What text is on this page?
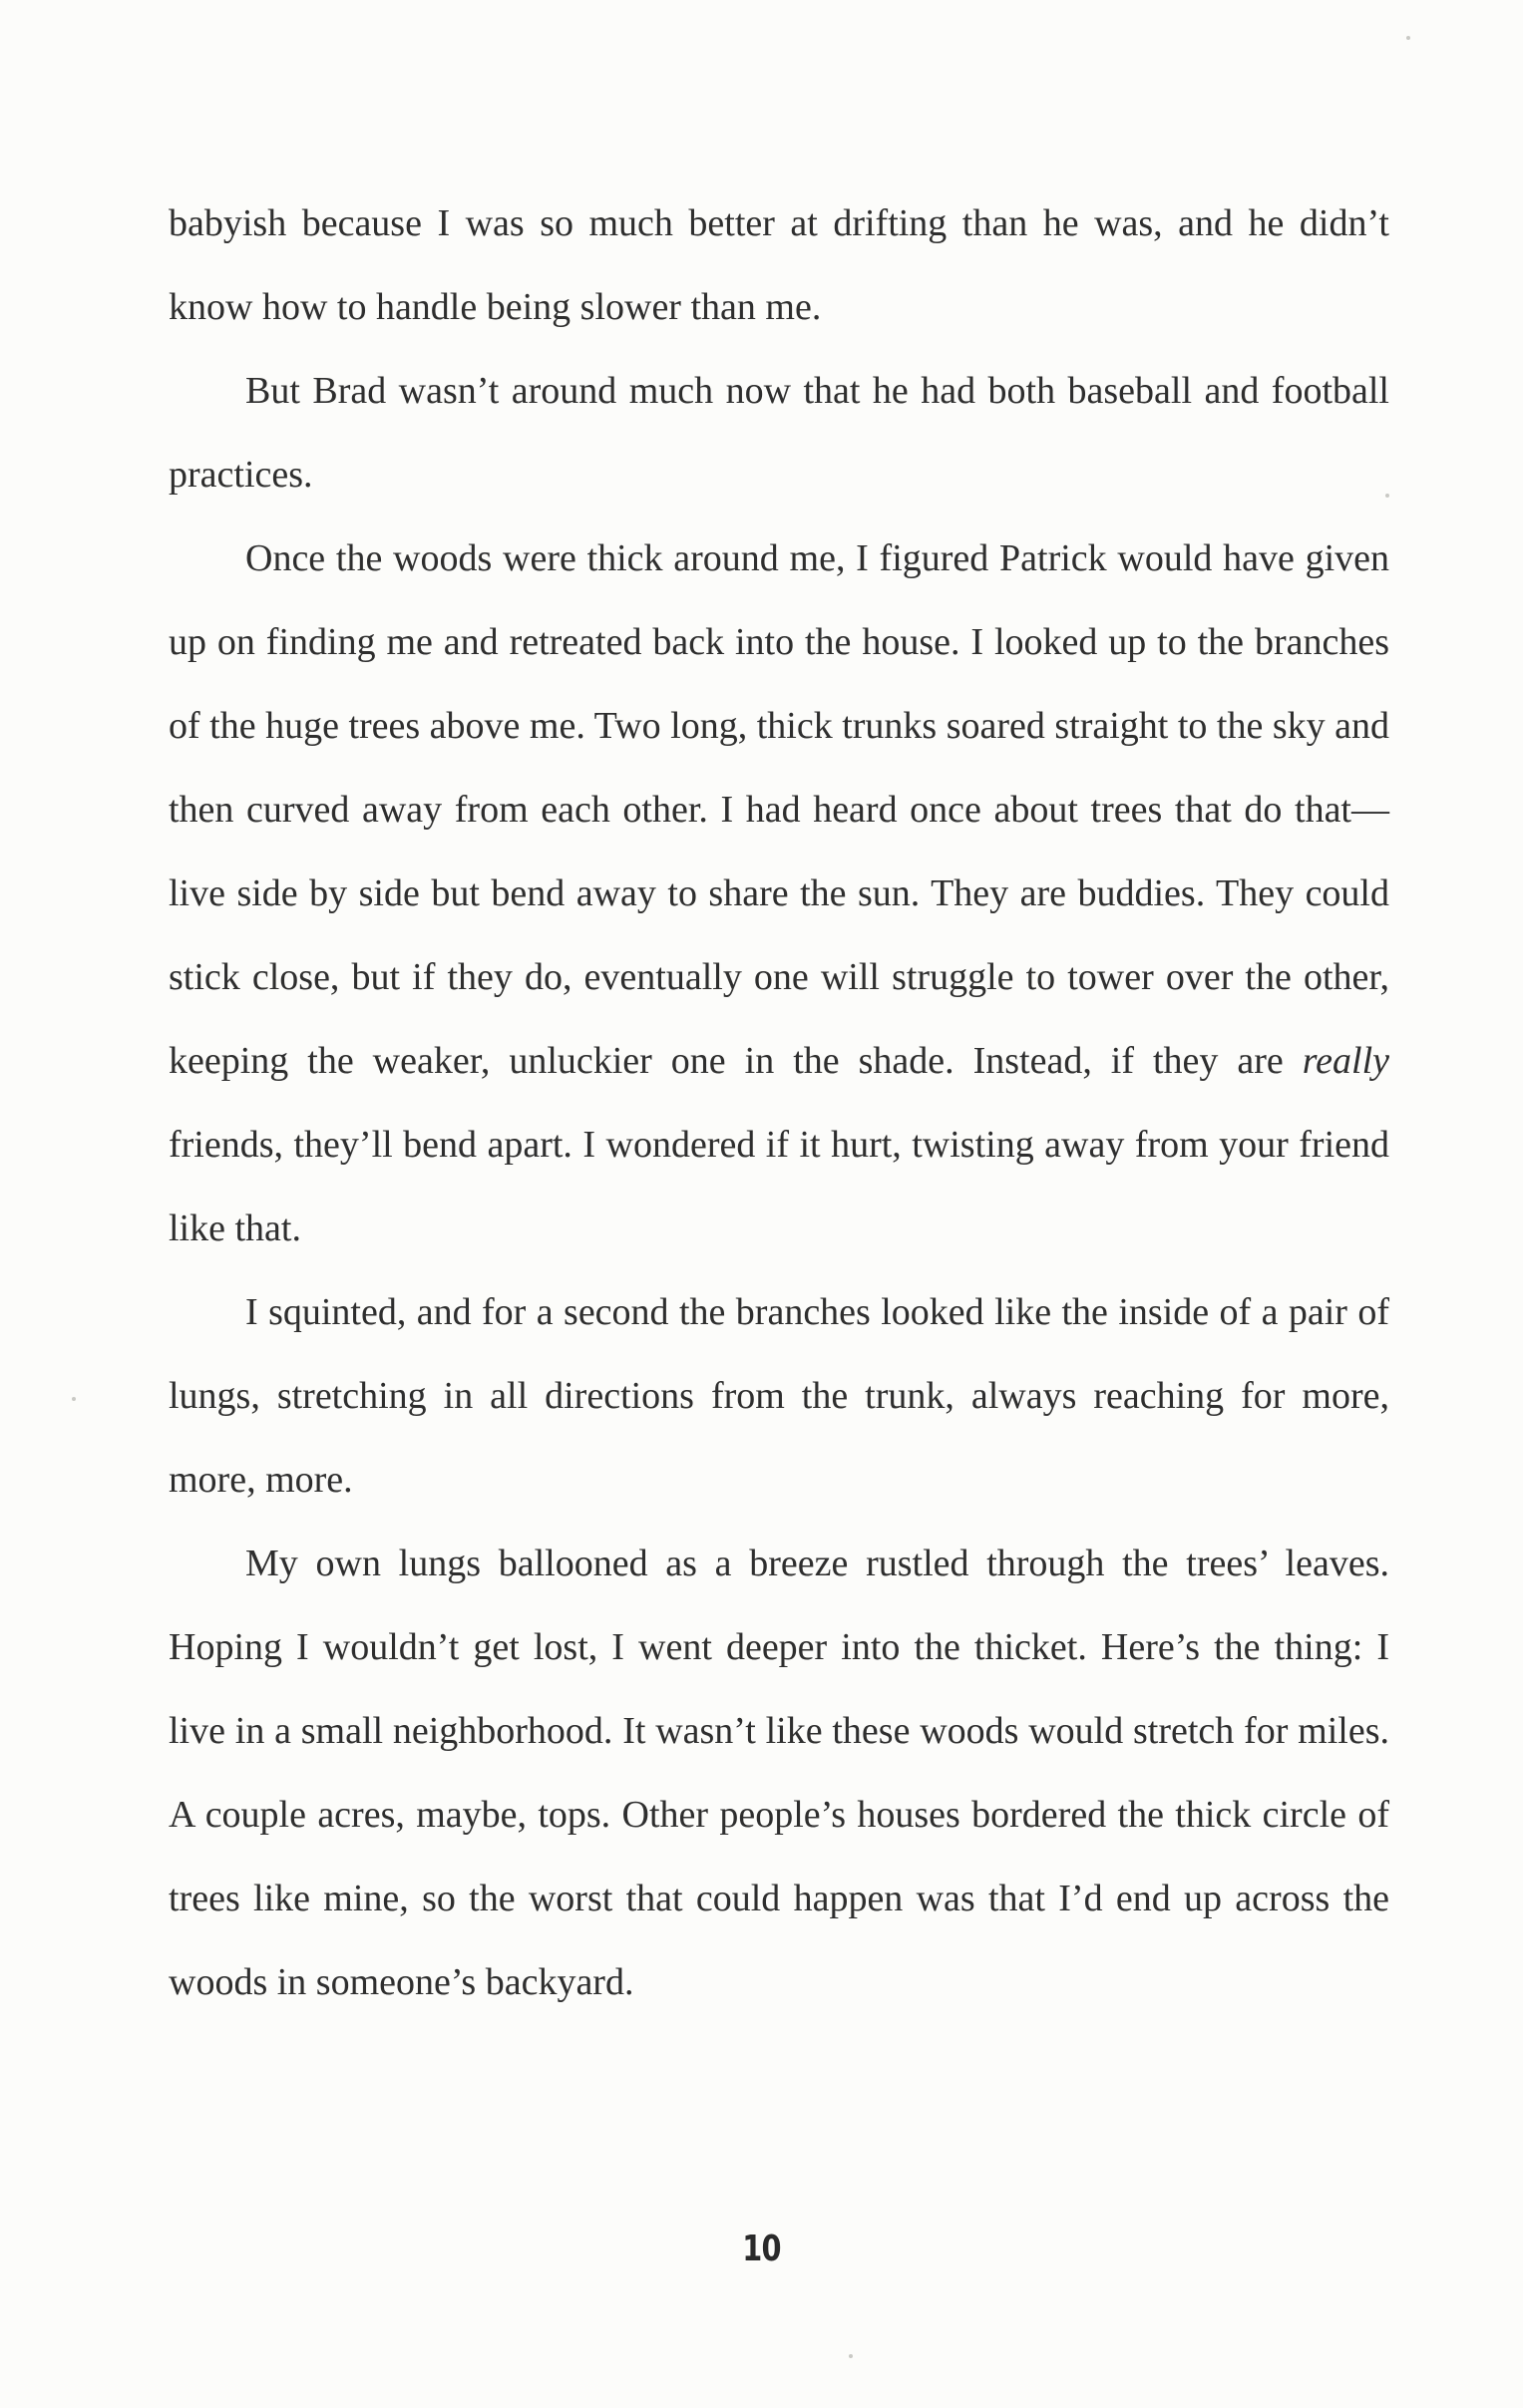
babyish because I was so much better at drifting than he was, and he didn’t know how to handle being slower than me.

But Brad wasn’t around much now that he had both baseball and football practices.

Once the woods were thick around me, I figured Patrick would have given up on finding me and retreated back into the house. I looked up to the branches of the huge trees above me. Two long, thick trunks soared straight to the sky and then curved away from each other. I had heard once about trees that do that—live side by side but bend away to share the sun. They are buddies. They could stick close, but if they do, eventually one will struggle to tower over the other, keeping the weaker, unluckier one in the shade. Instead, if they are really friends, they’ll bend apart. I wondered if it hurt, twisting away from your friend like that.

I squinted, and for a second the branches looked like the inside of a pair of lungs, stretching in all directions from the trunk, always reaching for more, more, more.

My own lungs ballooned as a breeze rustled through the trees’ leaves. Hoping I wouldn’t get lost, I went deeper into the thicket. Here’s the thing: I live in a small neighborhood. It wasn’t like these woods would stretch for miles. A couple acres, maybe, tops. Other people’s houses bordered the thick circle of trees like mine, so the worst that could happen was that I’d end up across the woods in someone’s backyard.

10
